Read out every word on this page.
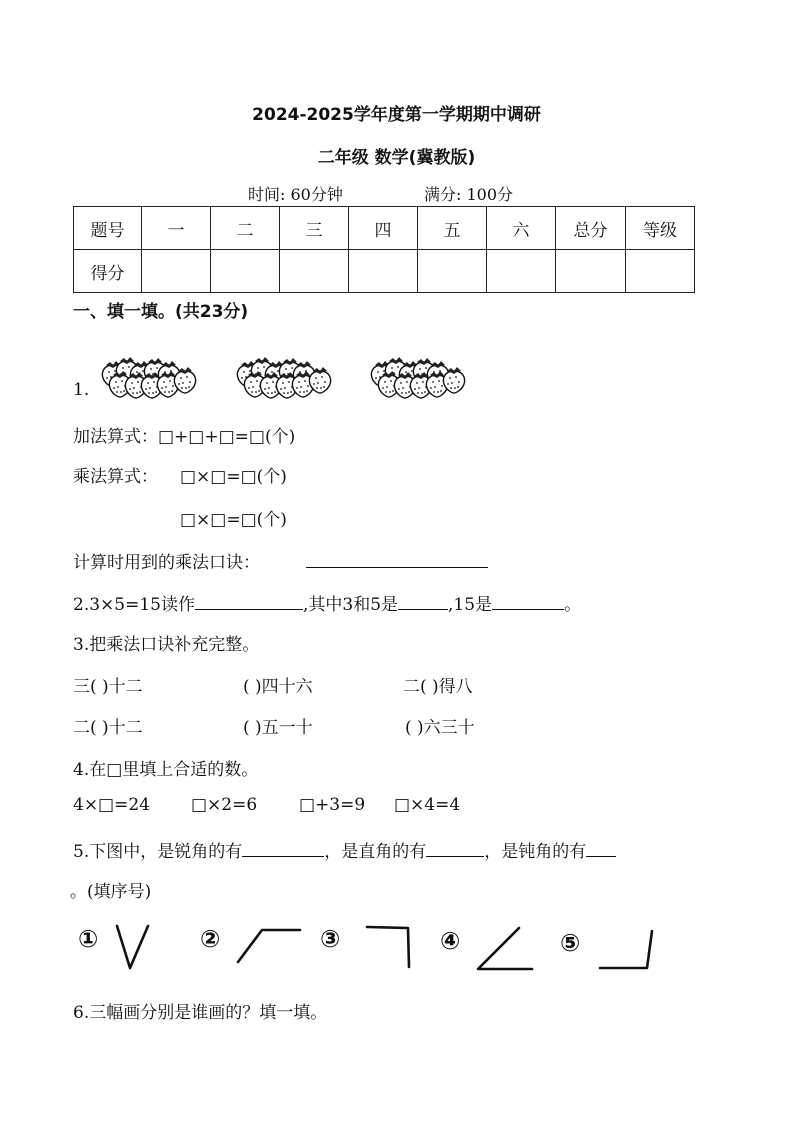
2024-2025学年度第一学期期中调研
二年级 数学(冀教版)
时间: 60分钟	满分: 100分
题号	一	二	三	四	五	六	总分	等级
得分								
一、填一填。(共23分)
1.
加法算式：□+□+□=□(个)
乘法算式： □×□=□(个)
□×□=□(个)
计算时用到的乘法口诀：
2.3×5=15读作	,其中3和5是	,15是	。
3.把乘法口诀补充完整。
三( )十二	( )四十六	二( )得八
二( )十二	( )五一十	( )六三十
4.在□里填上合适的数。
4×□=24 □×2=6 □+3=9 □×4=4
5.下图中，是锐角的有	，是直角的有	，是钝角的有
。(填序号)
①	②	③	④	⑤
6.三幅画分别是谁画的？填一填。
